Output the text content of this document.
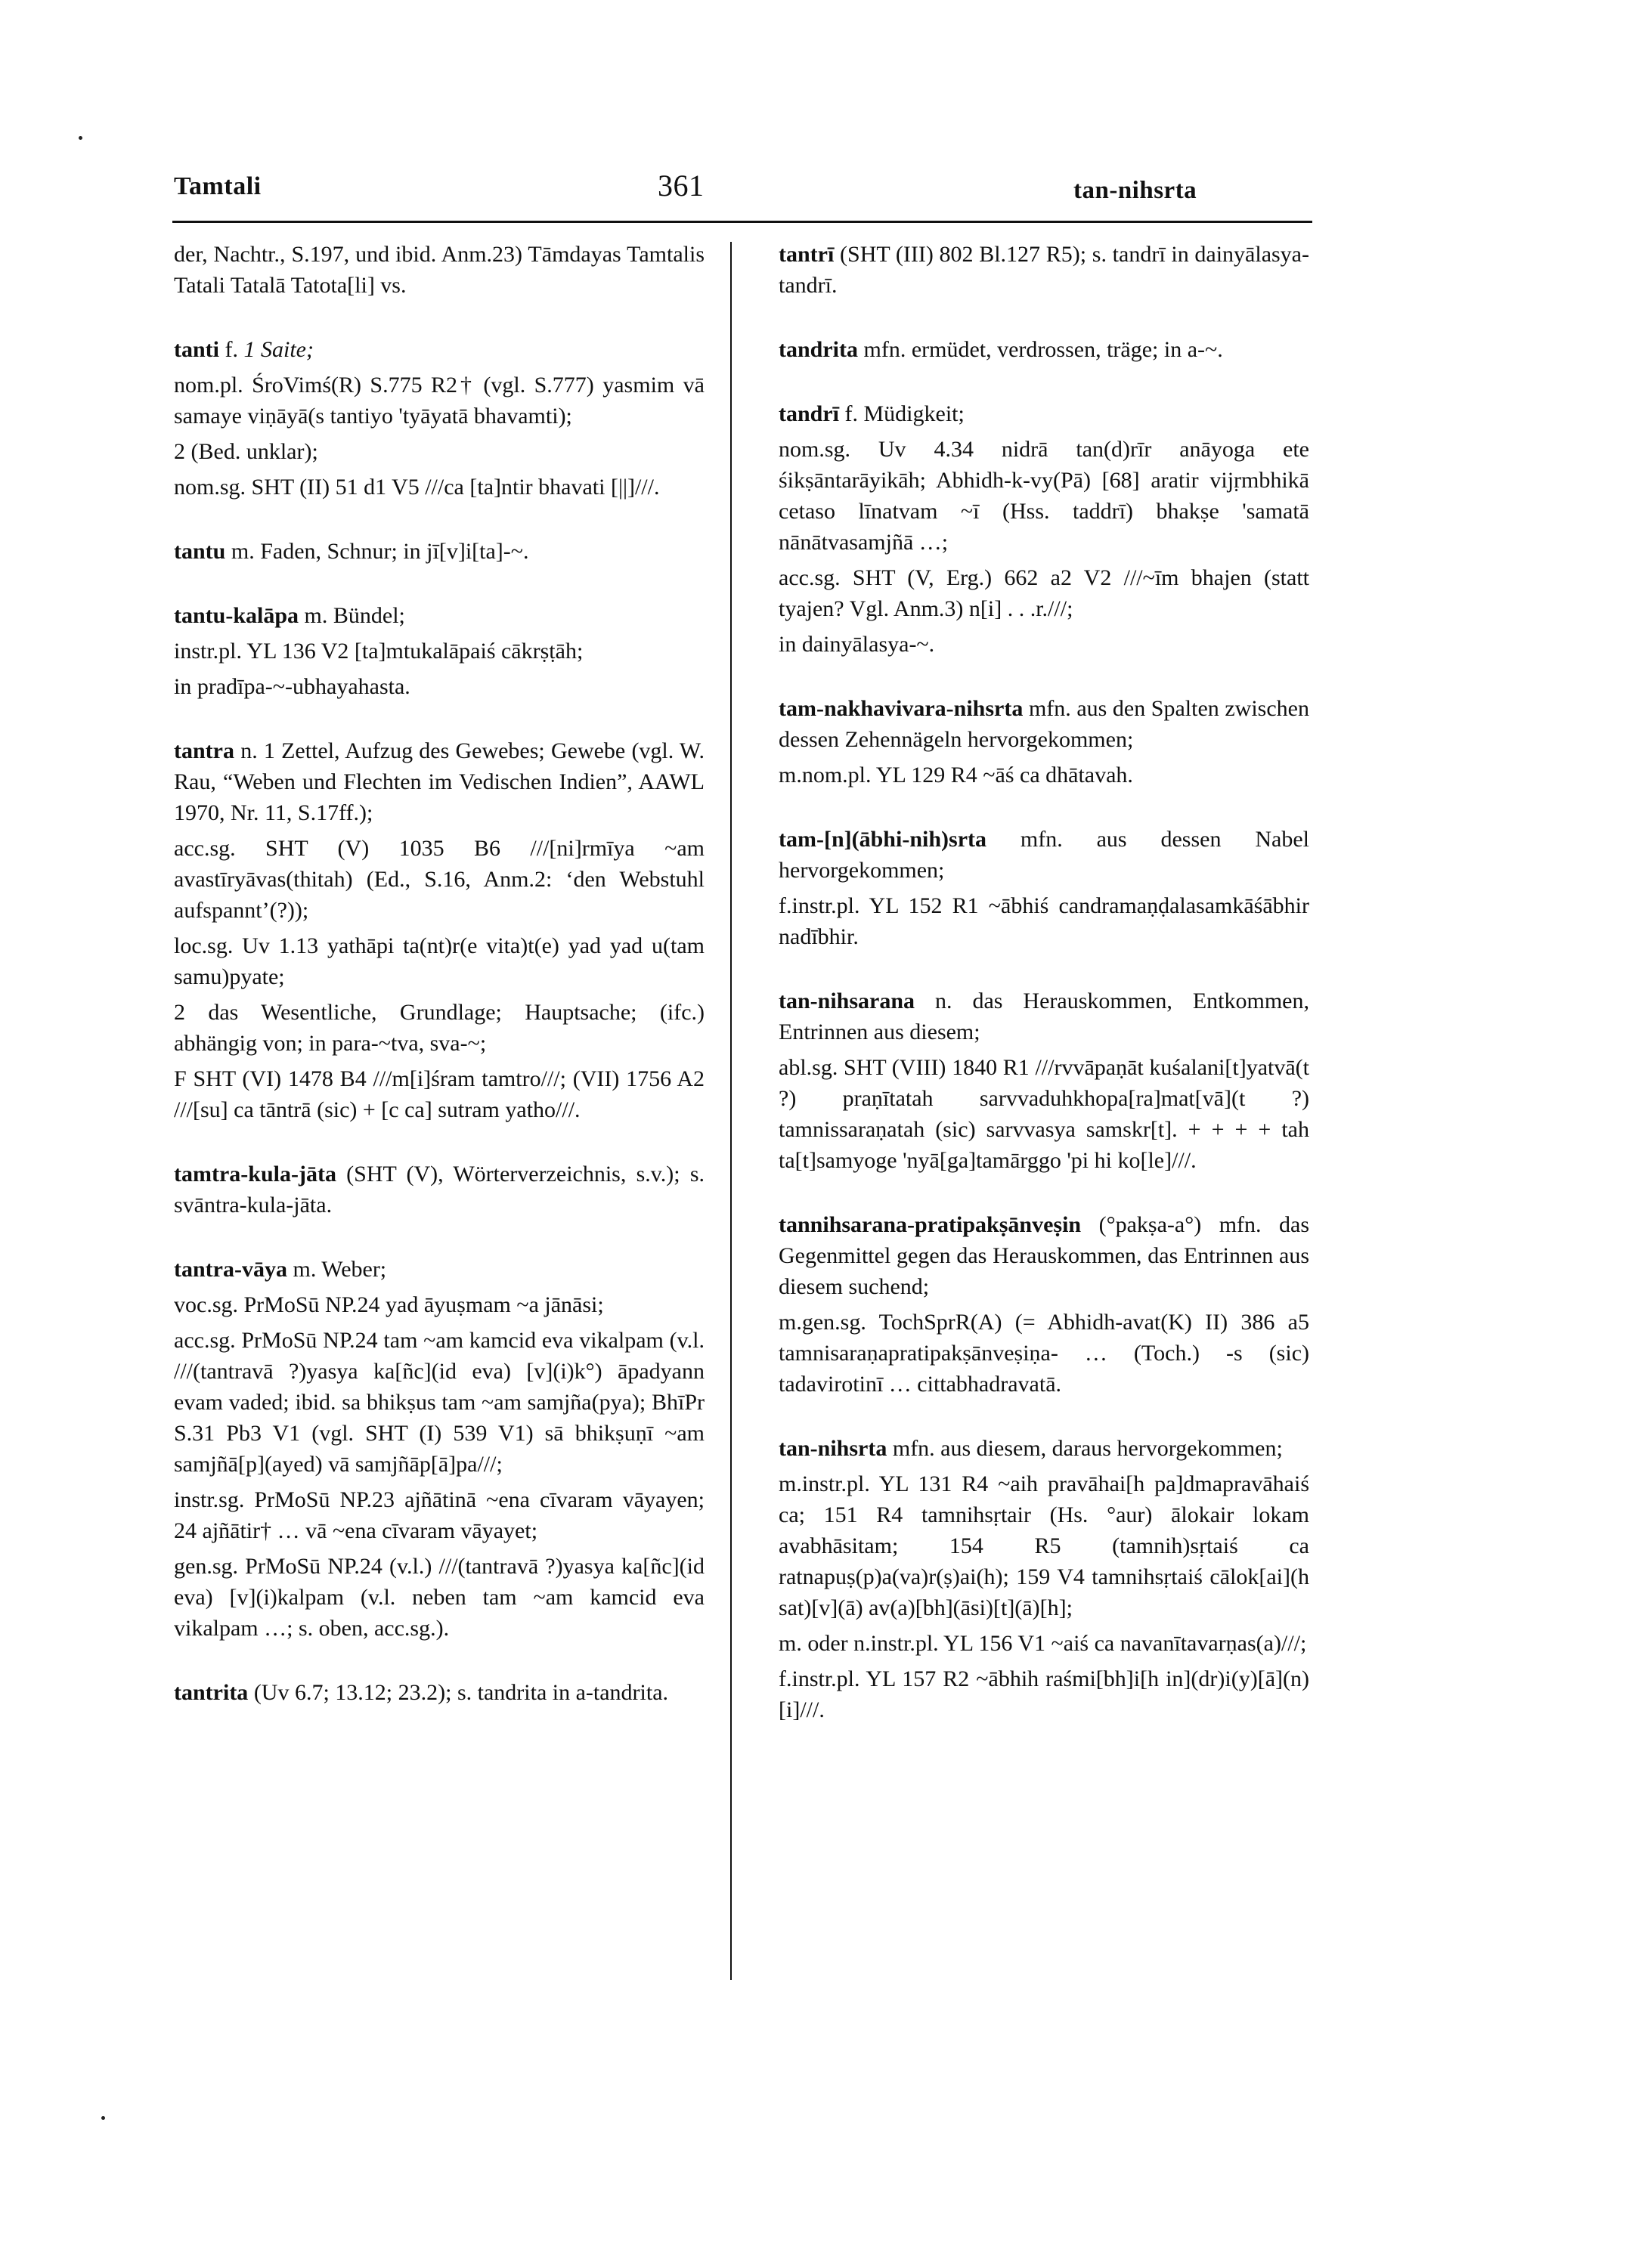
Tamtali	361	tan-nihsrta

der, Nachtr., S.197, und ibid. Anm.23) Tāmdayas Tamtalis Tatali Tatalā Tatota[li] vs.

tanti f. 1 Saite;

nom.pl. ŚroVimś(R) S.775 R2† (vgl. S.777) yasmim vā samaye viṇāyā(s tantiyo 'tyāyatā bhavamti);

2 (Bed. unklar);

nom.sg. SHT (II) 51 d1 V5 ///ca [ta]ntir bhavati [||]///.

tantu m. Faden, Schnur; in jī[v]i[ta]-~.

tantu-kalāpa m. Bündel;

instr.pl. YL 136 V2 [ta]mtukalāpaiś cākrṣṭāh;

in pradīpa-~-ubhayahasta.

tantra n. 1 Zettel, Aufzug des Gewebes; Gewebe (vgl. W. Rau, “Weben und Flechten im Vedischen Indien”, AAWL 1970, Nr. 11, S.17ff.);

acc.sg. SHT (V) 1035 B6 ///[ni]rmīya ~am avastīryāvas(thitah) (Ed., S.16, Anm.2: ‘den Webstuhl aufspannt’(?));

loc.sg. Uv 1.13 yathāpi ta(nt)r(e vita)t(e) yad yad u(tam samu)pyate;

2 das Wesentliche, Grundlage; Hauptsache; (ifc.) abhängig von; in para-~tva, sva-~;

F SHT (VI) 1478 B4 ///m[i]śram tamtro///; (VII) 1756 A2 ///[su] ca tāntrā (sic) + [c ca] sutram yatho///.

tamtra-kula-jāta (SHT (V), Wörterverzeichnis, s.v.); s. svāntra-kula-jāta.

tantra-vāya m. Weber;

voc.sg. PrMoSū NP.24 yad āyuṣmam ~a jānāsi;

acc.sg. PrMoSū NP.24 tam ~am kamcid eva vikalpam (v.l. ///(tantravā ?)yasya ka[ñc](id eva) [v](i)k°) āpadyann evam vaded; ibid. sa bhikṣus tam ~am samjña(pya); BhīPr S.31 Pb3 V1 (vgl. SHT (I) 539 V1) sā bhikṣuṇī ~am samjñā[p](ayed) vā samjñāp[ā]pa///;

instr.sg. PrMoSū NP.23 ajñātinā ~ena cīvaram vāyayen; 24 ajñātir† … vā ~ena cīvaram vāyayet;

gen.sg. PrMoSū NP.24 (v.l.) ///(tantravā ?)yasya ka[ñc](id eva) [v](i)kalpam (v.l. neben tam ~am kamcid eva vikalpam …; s. oben, acc.sg.).

tantrita (Uv 6.7; 13.12; 23.2); s. tandrita in a-tandrita.

tantrī (SHT (III) 802 Bl.127 R5); s. tandrī in dainyālasya-tandrī.

tandrita mfn. ermüdet, verdrossen, träge; in a-~.

tandrī f. Müdigkeit;

nom.sg. Uv 4.34 nidrā tan(d)rīr anāyoga ete śikṣāntarāyikāh; Abhidh-k-vy(Pā) [68] aratir vijṛmbhikā cetaso līnatvam ~ī (Hss. taddrī) bhakṣe 'samatā nānātvasamjñā …;

acc.sg. SHT (V, Erg.) 662 a2 V2 ///~īm bhajen (statt tyajen? Vgl. Anm.3) n[i] . . .r.///;

in dainyālasya-~.

tam-nakhavivara-nihsrta mfn. aus den Spalten zwischen dessen Zehennägeln hervorgekommen;

m.nom.pl. YL 129 R4 ~āś ca dhātavah.

tam-[n](ābhi-nih)srta mfn. aus dessen Nabel hervorgekommen;

f.instr.pl. YL 152 R1 ~ābhiś candramaṇḍalasamkāśābhir nadībhir.

tan-nihsarana n. das Herauskommen, Entkommen, Entrinnen aus diesem;

abl.sg. SHT (VIII) 1840 R1 ///rvvāpaṇāt kuśalani[t]yatvā(t ?) praṇītatah sarvvaduhkhopa[ra]mat[vā](t ?) tamnissaraṇatah (sic) sarvvasya samskr[t]. + + + + tah ta[t]samyoge 'nyā[ga]tamārggo 'pi hi ko[le]///.

tannihsarana-pratipakṣānveṣin (°pakṣa-a°) mfn. das Gegenmittel gegen das Herauskommen, das Entrinnen aus diesem suchend;

m.gen.sg. TochSprR(A) (= Abhidh-avat(K) II) 386 a5 tamnisaraṇapratipakṣānveṣiṇa- … (Toch.) -s (sic) tadavirotinī … cittabhadravatā.

tan-nihsrta mfn. aus diesem, daraus hervorgekommen;

m.instr.pl. YL 131 R4 ~aih pravāhai[h pa]dmapravāhaiś ca; 151 R4 tamnihsṛtair (Hs. °aur) ālokair lokam avabhāsitam; 154 R5 (tamnih)sṛtaiś ca ratnapuṣ(p)a(va)r(ṣ)ai(h); 159 V4 tamnihsṛtaiś cālok[ai](h sat)[v](ā) av(a)[bh](āsi)[t](ā)[h];

m. oder n.instr.pl. YL 156 V1 ~aiś ca navanītavarṇas(a)///;

f.instr.pl. YL 157 R2 ~ābhih raśmi[bh]i[h in](dr)i(y)[ā](n)[i]///.
